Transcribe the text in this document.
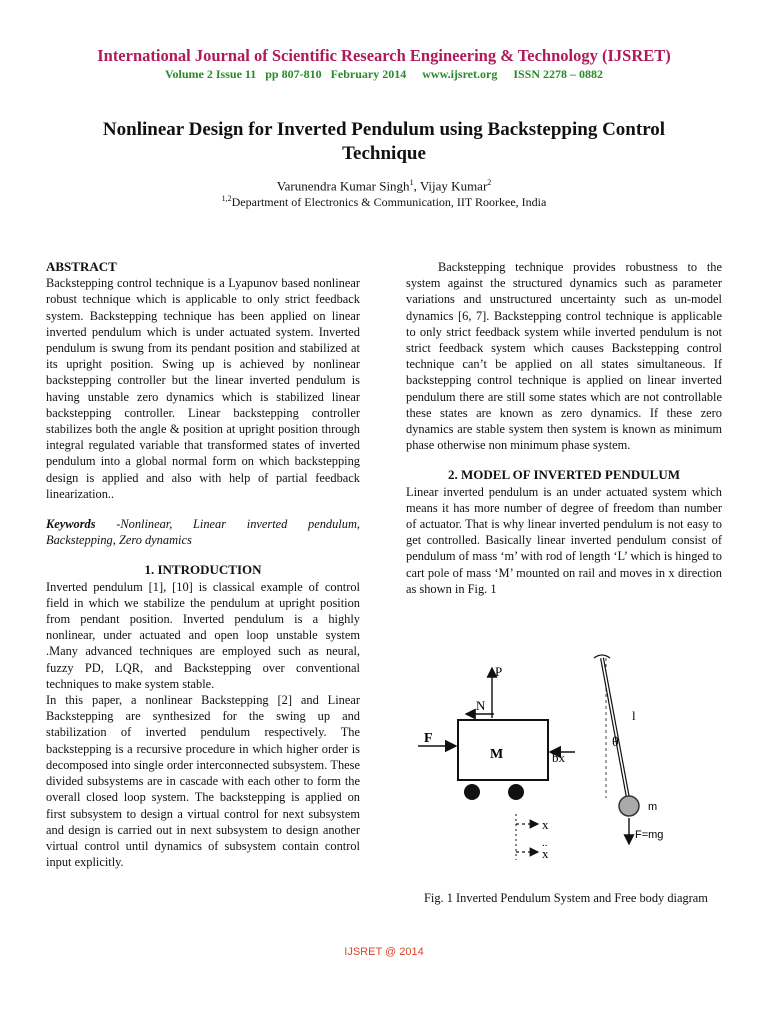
International Journal of Scientific Research Engineering & Technology (IJSRET)
Volume 2 Issue 11   pp 807-810   February 2014 www.ijsret.org ISSN 2278 – 0882
Nonlinear Design for Inverted Pendulum using Backstepping Control Technique
Varunendra Kumar Singh$^1$, Vijay Kumar$^2$
$^{1,2}$Department of Electronics & Communication, IIT Roorkee, India

ABSTRACT

Backstepping control technique is a Lyapunov based nonlinear robust technique which is applicable to only strict feedback system. Backstepping technique has been applied on linear inverted pendulum which is under actuated system. Inverted pendulum is swung from its pendant position and stabilized at its upright position. Swing up is achieved by nonlinear backstepping controller but the linear inverted pendulum is having unstable zero dynamics which is stabilized linear backstepping controller. Linear backstepping controller stabilizes both the angle & position at upright position through integral regulated variable that transformed states of inverted pendulum into a global normal form on which backstepping design is applied and also with help of partial feedback linearization..

Keywords -Nonlinear, Linear inverted pendulum, Backstepping, Zero dynamics

1. INTRODUCTION

Inverted pendulum [1], [10] is classical example of control field in which we stabilize the pendulum at upright position from pendant position. Inverted pendulum is a highly nonlinear, under actuated and open loop unstable system .Many advanced techniques are employed such as neural, fuzzy PD, LQR, and Backstepping over conventional techniques to make system stable.

In this paper, a nonlinear Backstepping [2] and Linear Backstepping are synthesized for the swing up and stabilization of inverted pendulum respectively. The backstepping is a recursive procedure in which higher order is decomposed into single order interconnected subsystem. These divided subsystems are in cascade with each other to form the overall closed loop system. The backstepping is applied on first subsystem to design a virtual control for next subsystem and design is carried out in next subsystem to design another virtual control until dynamics of subsystem contain control input explicitly.

Backstepping technique provides robustness to the system against the structured dynamics such as parameter variations and unstructured uncertainty such as un-model dynamics [6, 7]. Backstepping control technique is applicable to only strict feedback system while inverted pendulum is not strict feedback system which causes Backstepping control technique can’t be applied on all states simultaneous. If backstepping control technique is applied on linear inverted pendulum there are still some states which are not controllable these states are known as zero dynamics. If these zero dynamics are stable system then system is known as minimum phase otherwise non minimum phase system.

2. MODEL OF INVERTED PENDULUM

Linear inverted pendulum is an under actuated system which means it has more number of degree of freedom than number of actuator. That is why linear inverted pendulum is not easy to get controlled. Basically linear inverted pendulum consist of pendulum of mass ‘m’ with rod of length ‘L’ which is hinged to cart pole of mass ‘M’ mounted on rail and moves in x direction as shown in Fig. 1

F
M	bx
P
N
x
x
..
l
θ
m
F=mg
Fig. 1 Inverted Pendulum System and Free body diagram
IJSRET @ 2014
